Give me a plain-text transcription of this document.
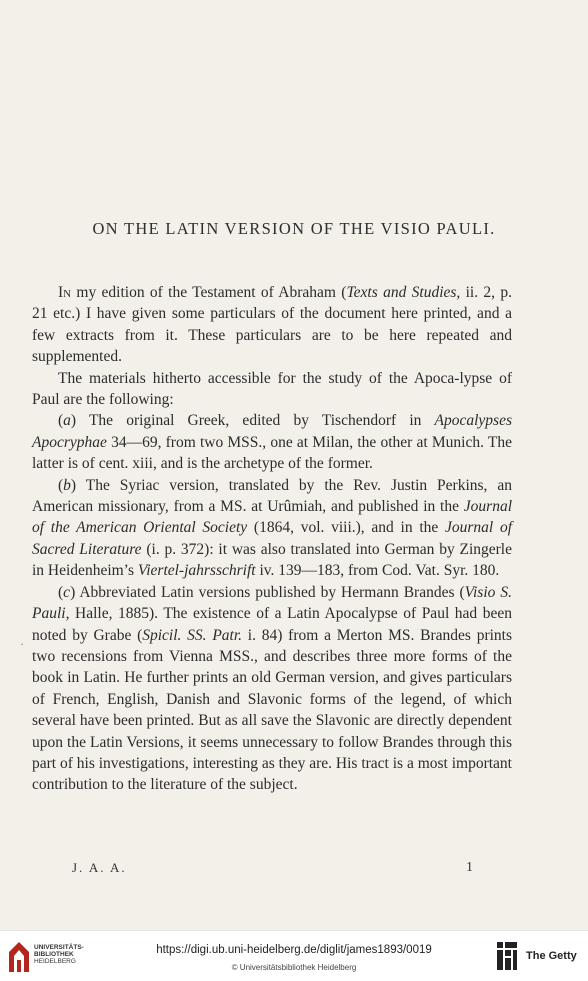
ON THE LATIN VERSION OF THE VISIO PAULI.

In my edition of the Testament of Abraham (Texts and Studies, ii. 2, p. 21 etc.) I have given some particulars of the document here printed, and a few extracts from it. These particulars are to be here repeated and supplemented.

The materials hitherto accessible for the study of the Apoca-lypse of Paul are the following:

(a) The original Greek, edited by Tischendorf in Apocalypses Apocryphae 34—69, from two MSS., one at Milan, the other at Munich. The latter is of cent. xiii, and is the archetype of the former.

(b) The Syriac version, translated by the Rev. Justin Perkins, an American missionary, from a MS. at Urûmiah, and published in the Journal of the American Oriental Society (1864, vol. viii.), and in the Journal of Sacred Literature (i. p. 372): it was also translated into German by Zingerle in Heidenheim’s Viertel-jahrsschrift iv. 139—183, from Cod. Vat. Syr. 180.

(c) Abbreviated Latin versions published by Hermann Brandes (Visio S. Pauli, Halle, 1885). The existence of a Latin Apocalypse of Paul had been noted by Grabe (Spicil. SS. Patr. i. 84) from a Merton MS. Brandes prints two recensions from Vienna MSS., and describes three more forms of the book in Latin. He further prints an old German version, and gives particulars of French, English, Danish and Slavonic forms of the legend, of which several have been printed. But as all save the Slavonic are directly dependent upon the Latin Versions, it seems unnecessary to follow Brandes through this part of his investigations, interesting as they are. His tract is a most important contribution to the literature of the subject.

·
J. A. A.	1
UNIVERSITÄTS-
BIBLIOTHEK
HEIDELBERG
https://digi.ub.uni-heidelberg.de/diglit/james1893/0019
© Universitätsbibliothek Heidelberg
The Getty
